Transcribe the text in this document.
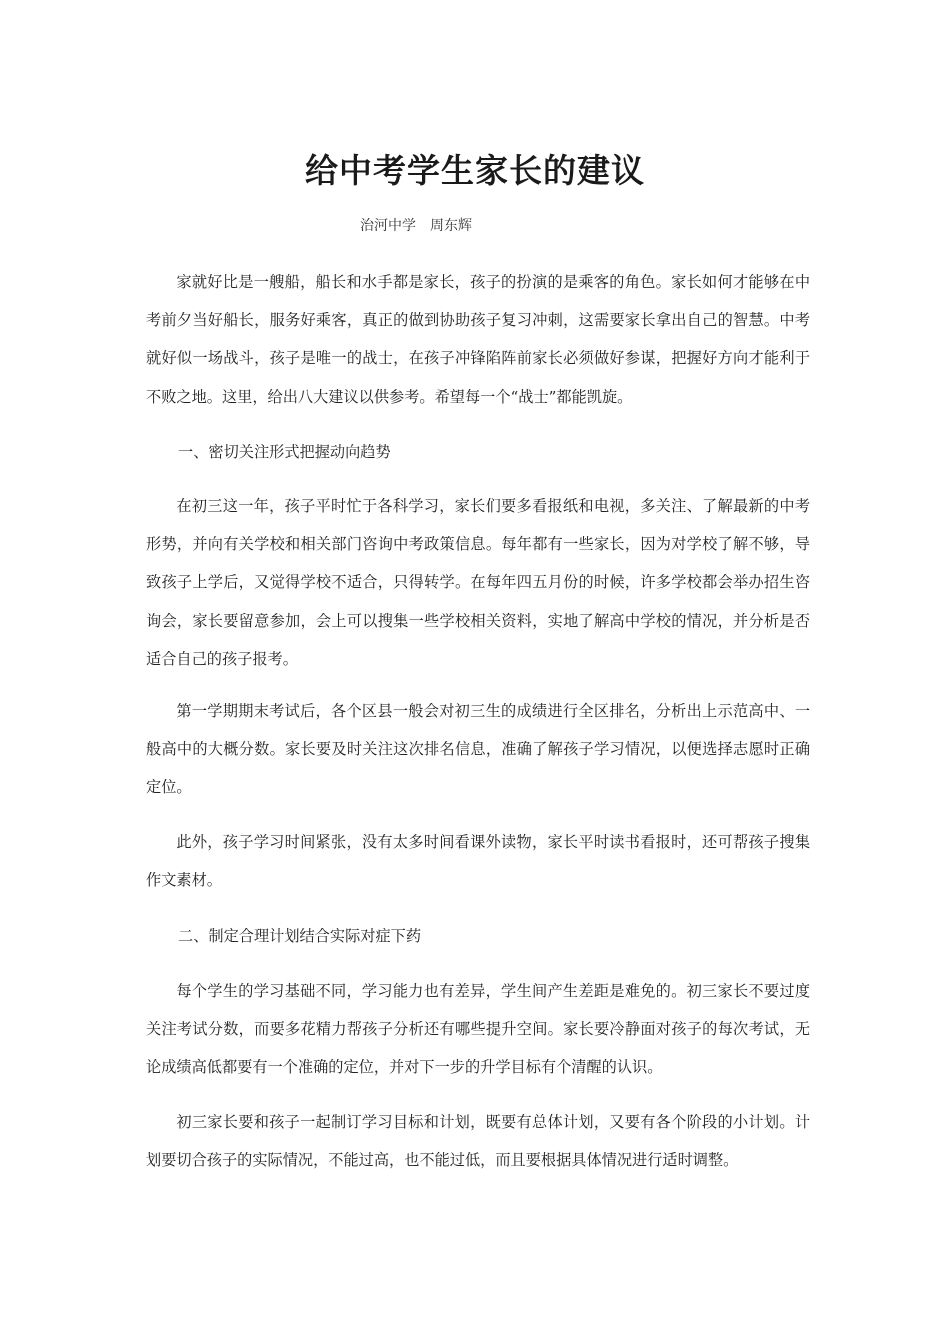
给中考学生家长的建议
治河中学 周东辉

家就好比是一艘船，船长和水手都是家长，孩子的扮演的是乘客的角色。家长如何才能够在中考前夕当好船长，服务好乘客，真正的做到协助孩子复习冲刺，这需要家长拿出自己的智慧。中考就好似一场战斗，孩子是唯一的战士，在孩子冲锋陷阵前家长必须做好参谋，把握好方向才能利于不败之地。这里，给出八大建议以供参考。希望每一个“战士”都能凯旋。

一、密切关注形式把握动向趋势

在初三这一年，孩子平时忙于各科学习，家长们要多看报纸和电视，多关注、了解最新的中考形势，并向有关学校和相关部门咨询中考政策信息。每年都有一些家长，因为对学校了解不够，导致孩子上学后，又觉得学校不适合，只得转学。在每年四五月份的时候，许多学校都会举办招生咨询会，家长要留意参加，会上可以搜集一些学校相关资料，实地了解高中学校的情况，并分析是否适合自己的孩子报考。

第一学期期末考试后，各个区县一般会对初三生的成绩进行全区排名，分析出上示范高中、一般高中的大概分数。家长要及时关注这次排名信息，准确了解孩子学习情况，以便选择志愿时正确定位。

此外，孩子学习时间紧张，没有太多时间看课外读物，家长平时读书看报时，还可帮孩子搜集作文素材。

二、制定合理计划结合实际对症下药

每个学生的学习基础不同，学习能力也有差异，学生间产生差距是难免的。初三家长不要过度关注考试分数，而要多花精力帮孩子分析还有哪些提升空间。家长要冷静面对孩子的每次考试，无论成绩高低都要有一个准确的定位，并对下一步的升学目标有个清醒的认识。

初三家长要和孩子一起制订学习目标和计划，既要有总体计划，又要有各个阶段的小计划。计划要切合孩子的实际情况，不能过高，也不能过低，而且要根据具体情况进行适时调整。
